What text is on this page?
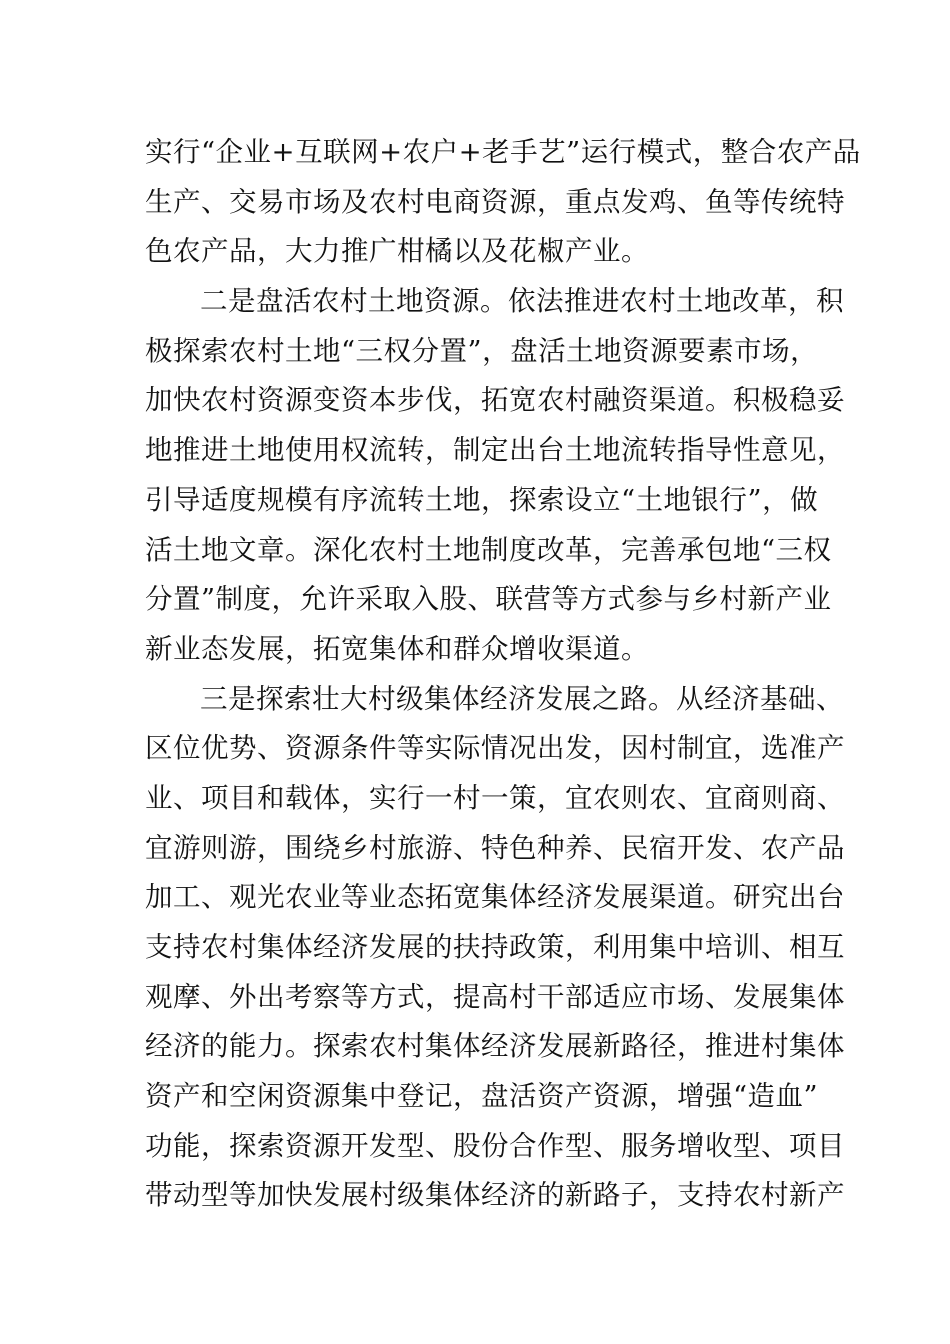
实行“企业+互联网+农户+老手艺”运行模式，整合农产品
生产、交易市场及农村电商资源，重点发鸡、鱼等传统特
色农产品，大力推广柑橘以及花椒产业。
二是盘活农村土地资源。依法推进农村土地改革，积
极探索农村土地“三权分置”，盘活土地资源要素市场，
加快农村资源变资本步伐，拓宽农村融资渠道。积极稳妥
地推进土地使用权流转，制定出台土地流转指导性意见，
引导适度规模有序流转土地，探索设立“土地银行”，做
活土地文章。深化农村土地制度改革，完善承包地“三权
分置”制度，允许采取入股、联营等方式参与乡村新产业
新业态发展，拓宽集体和群众增收渠道。
三是探索壮大村级集体经济发展之路。从经济基础、
区位优势、资源条件等实际情况出发，因村制宜，选准产
业、项目和载体，实行一村一策，宜农则农、宜商则商、
宜游则游，围绕乡村旅游、特色种养、民宿开发、农产品
加工、观光农业等业态拓宽集体经济发展渠道。研究出台
支持农村集体经济发展的扶持政策，利用集中培训、相互
观摩、外出考察等方式，提高村干部适应市场、发展集体
经济的能力。探索农村集体经济发展新路径，推进村集体
资产和空闲资源集中登记，盘活资产资源，增强“造血”
功能，探索资源开发型、股份合作型、服务增收型、项目
带动型等加快发展村级集体经济的新路子，支持农村新产
